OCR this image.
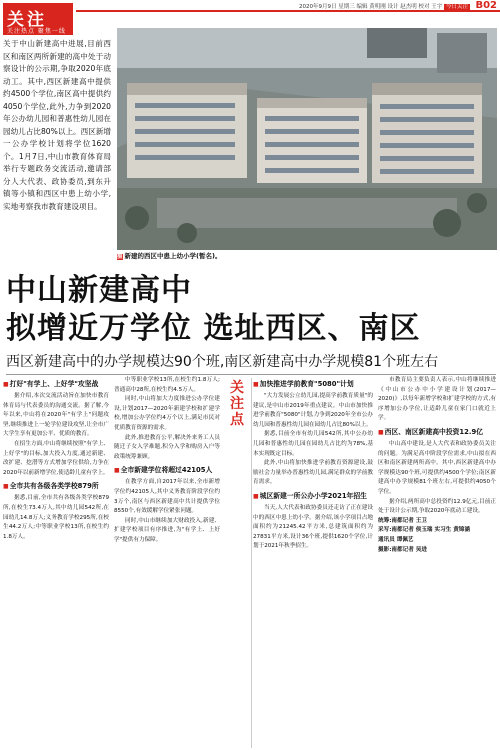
关注
关注热点 聚焦一线
2020年9月9日 星期三 编辑 黄明刚 设计 赵杰明 校对 王宇 今日关注 B02
关于中山新建高中进展,目前西区和南区两所新建的高中处于动察设计的公示期,争取2020年底动工。其中,西区新建高中提供约4500个学位,南区高中提供约4050个学位,此外,力争到2020年公办幼儿园和普惠性幼儿园在园幼儿占比80%以上。西区新增一公办学校计划将学位1620个。1月7日,中山市教育体育局举行专题政务交流活动,邀请部分人大代表、政协委员,到东升镇等小镇和西区中患上幼小学,实地考察我市教育建设项目。
摄 新建的西区中患上幼小学(暂名)。
中山新建高中
拟增近万学位 选址西区、南区
西区新建高中的办学规模达90个班,南区新建高中办学规模81个班左右
■ 打好"有学上、上好学"攻坚战

据介绍,本次交流活动旨在加快市教育体育局与代表委员的沟通交流。据了解,今年以来,中山将在2020年"有学上"问题攻坚,继续推进上一轮学位建设攻坚,让全市广大学生享有更加公平、优质的教育。

在招生方面,中山将继续按照"有学上、上好学"的目标,加大投入力度,通过新建、改扩建、挖潜等方式增加学位供给,力争在2020年以前新增学位,使适龄儿童有学上。

■ 全市共有各级各类学校879所

据悉,目前,全市共有各级各类学校879所,在校生73.4万人,其中幼儿园542所,在园幼儿14.8万人;义务教育学校295所,在校生44.2万人;中等职业学校13所,在校生约1.8万人。

中等职业学校13所,在校生约1.8万人;普通高中28所,在校生约4.5万人。

同时,中山将加大力度推进公办学位建设,计划2017—2020年新建学校和扩建学校,增加公办学位约4万个以上,满足市民对优质教育资源的需求。

此外,推进教育公平,解决外来务工人员随迁子女入学难题,积分入学和购房入户等政策统筹兼顾。

■ 全市新建学位将超过42105人

在教学方面,自2017年以来,全市新增学位约42105人,其中义务教育阶段学位约3万个,南区与西区新建高中共计提供学位8550个,有效缓解学位紧张问题。

同时,中山市继续加大财政投入,新建、扩建学校项目有序推进,为"有学上、上好学"提供有力保障。

关注点
■ 加快推进学前教育"5080"计划

"大力发展公立幼儿园,提高学前教育质量"的建议,是中山市2019年重点建议。中山市加快推进学前教育"5080"计划,力争到2020年全市公办幼儿园和普惠性幼儿园在园幼儿占比80%以上。

据悉,目前全市有幼儿园542所,其中公办幼儿园和普惠性幼儿园在园幼儿占比约为78%,基本实现既定目标。

此外,中山将加快推进学前教育资源建设,鼓励社会力量举办普惠性幼儿园,满足群众的学前教育需求。

■ 城区新建一所公办小学2021年招生

当天,人大代表和政协委员还走访了正在建设中的西区中患上幼小学。据介绍,该小学项目占地面积约为21245.42平方米,总建筑面积约为27831平方米,设计36个班,提供1620个学位,计划于2021年秋季招生。

市教育局主要负责人表示,中山将继续推进《中山市公办中小学建设计划(2017—2020)》,以每年新增学校和扩建学校的方式,有序增加公办学位,让适龄儿童在家门口就近上学。

■ 西区、南区新建高中投资12.9亿

中山高中建设,是人大代表和政协委员关注的问题。为满足高中阶段学位需求,中山拟在西区和南区新建两所高中。其中,西区新建高中办学规模达90个班,可提供约4500个学位;南区新建高中办学规模81个班左右,可提供约4050个学位。

据介绍,两所高中总投资约12.9亿元,目前正处于设计公示期,争取2020年底动工建设。

统筹:南都记者 王卫

采写:南都记者 侯玉瑞 实习生 黄锦涵

通讯员 谭佩艺

摄影:南都记者 吴进
